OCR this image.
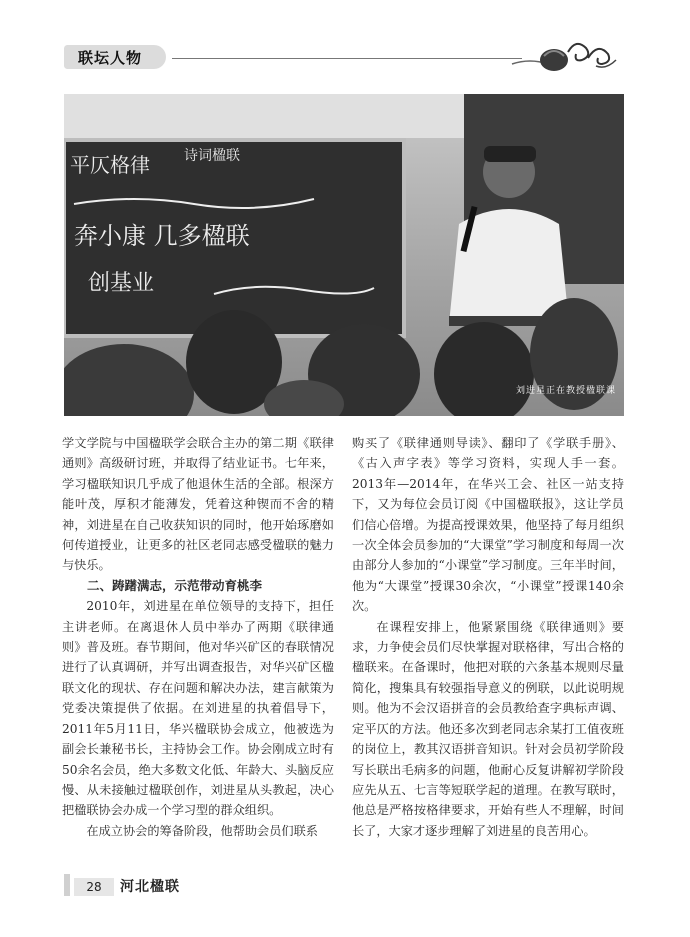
联坛人物
平仄格律 诗词楹联
奔小康 几多楹联
创基业
刘进星正在教授楹联课

学文学院与中国楹联学会联合主办的第二期《联律通则》高级研讨班，并取得了结业证书。七年来，学习楹联知识几乎成了他退休生活的全部。根深方能叶茂，厚积才能薄发，凭着这种锲而不舍的精神，刘进星在自己收获知识的同时，他开始琢磨如何传道授业，让更多的社区老同志感受楹联的魅力与快乐。

二、踌躇满志，示范带动育桃李

2010年，刘进星在单位领导的支持下，担任主讲老师。在离退休人员中举办了两期《联律通则》普及班。春节期间，他对华兴矿区的春联情况进行了认真调研，并写出调查报告，对华兴矿区楹联文化的现状、存在问题和解决办法，建言献策为党委决策提供了依据。在刘进星的执着倡导下，2011年5月11日，华兴楹联协会成立，他被选为副会长兼秘书长，主持协会工作。协会刚成立时有50余名会员，绝大多数文化低、年龄大、头脑反应慢、从未接触过楹联创作，刘进星从头教起，决心把楹联协会办成一个学习型的群众组织。

在成立协会的筹备阶段，他帮助会员们联系

购买了《联律通则导读》、翻印了《学联手册》、《古入声字表》等学习资料，实现人手一套。2013年—2014年，在华兴工会、社区一站支持下，又为每位会员订阅《中国楹联报》，这让学员们信心倍增。为提高授课效果，他坚持了每月组织一次全体会员参加的“大课堂”学习制度和每周一次由部分人参加的“小课堂”学习制度。三年半时间，他为“大课堂”授课30余次，“小课堂”授课140余次。

在课程安排上，他紧紧围绕《联律通则》要求，力争使会员们尽快掌握对联格律，写出合格的楹联来。在备课时，他把对联的六条基本规则尽量简化，搜集具有较强指导意义的例联，以此说明规则。他为不会汉语拼音的会员教给查字典标声调、定平仄的方法。他还多次到老同志余某打工值夜班的岗位上，教其汉语拼音知识。针对会员初学阶段写长联出毛病多的问题，他耐心反复讲解初学阶段应先从五、七言等短联学起的道理。在教写联时，他总是严格按格律要求，开始有些人不理解，时间长了，大家才逐步理解了刘进星的良苦用心。

28	河北楹联
